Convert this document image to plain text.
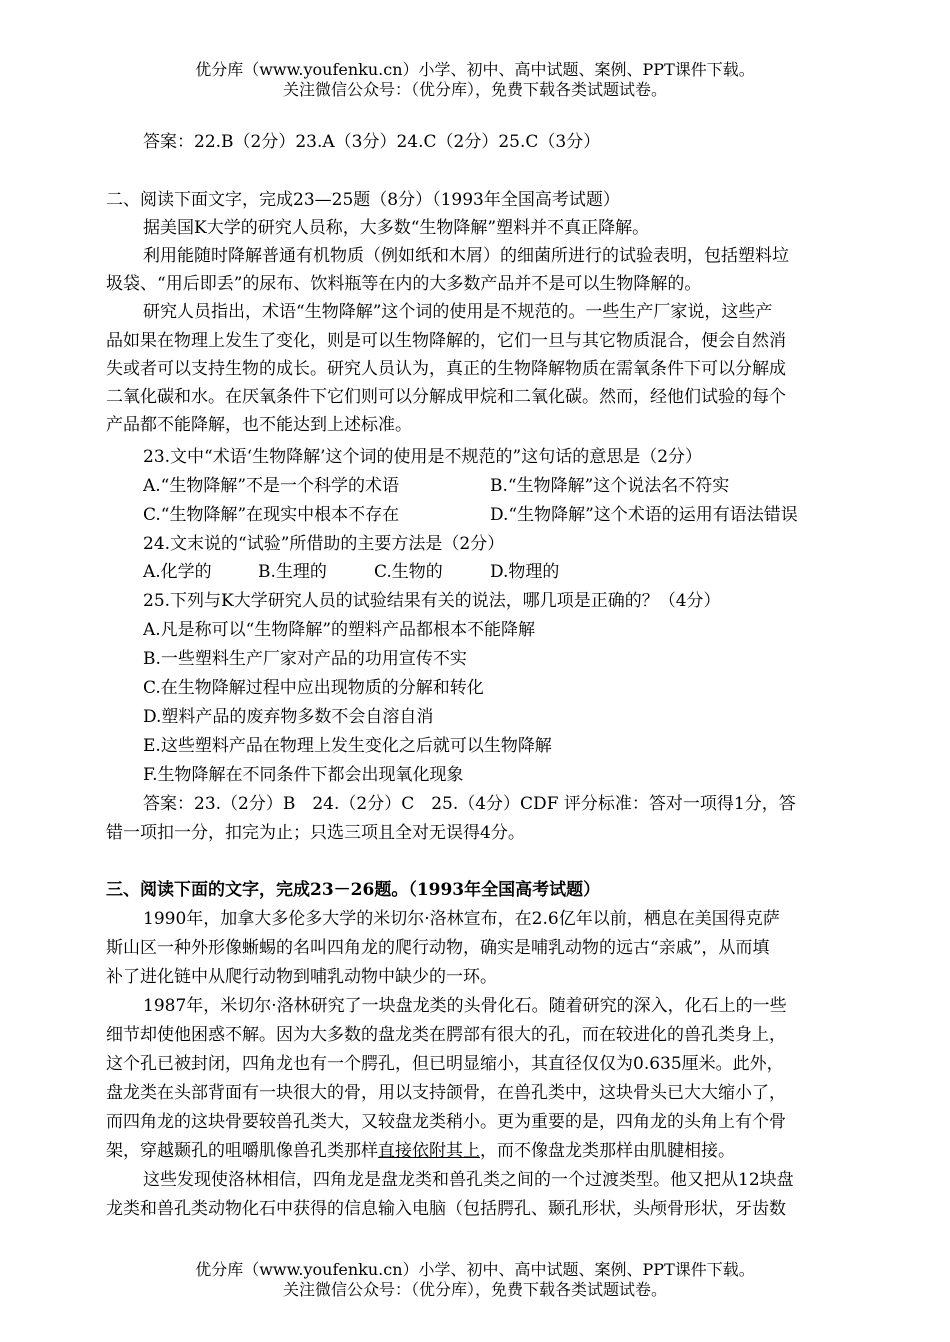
优分库（www.youfenku.cn）小学、初中、高中试题、案例、PPT课件下载。
关注微信公众号：（优分库），免费下载各类试题试卷。
答案：22.B（2分）23.A（3分）24.C（2分）25.C（3分）
二、阅读下面文字，完成23—25题（8分）（1993年全国高考试题）
据美国K大学的研究人员称，大多数“生物降解”塑料并不真正降解。
利用能随时降解普通有机物质（例如纸和木屑）的细菌所进行的试验表明，包括塑料垃
圾袋、“用后即丢”的尿布、饮料瓶等在内的大多数产品并不是可以生物降解的。
研究人员指出，术语“生物降解”这个词的使用是不规范的。一些生产厂家说，这些产
品如果在物理上发生了变化，则是可以生物降解的，它们一旦与其它物质混合，便会自然消
失或者可以支持生物的成长。研究人员认为，真正的生物降解物质在需氧条件下可以分解成
二氧化碳和水。在厌氧条件下它们则可以分解成甲烷和二氧化碳。然而，经他们试验的每个
产品都不能降解，也不能达到上述标准。
23.文中“术语‘生物降解’这个词的使用是不规范的”这句话的意思是（2分）
A.“生物降解”不是一个科学的术语	B.“生物降解”这个说法名不符实
C.“生物降解”在现实中根本不存在	D.“生物降解”这个术语的运用有语法错误
24.文末说的“试验”所借助的主要方法是（2分）
A.化学的	B.生理的	C.生物的	D.物理的
25.下列与K大学研究人员的试验结果有关的说法，哪几项是正确的？（4分）
A.凡是称可以“生物降解”的塑料产品都根本不能降解
B.一些塑料生产厂家对产品的功用宣传不实
C.在生物降解过程中应出现物质的分解和转化
D.塑料产品的废弃物多数不会自溶自消
E.这些塑料产品在物理上发生变化之后就可以生物降解
F.生物降解在不同条件下都会出现氧化现象
答案：23.（2分）B　24.（2分）C　25.（4分）CDF 评分标准：答对一项得1分，答
错一项扣一分，扣完为止；只选三项且全对无误得4分。
三、阅读下面的文字，完成23－26题。（1993年全国高考试题）
1990年，加拿大多伦多大学的米切尔·洛林宣布，在2.6亿年以前，栖息在美国得克萨
斯山区一种外形像蜥蜴的名叫四角龙的爬行动物，确实是哺乳动物的远古“亲戚”，从而填
补了进化链中从爬行动物到哺乳动物中缺少的一环。
1987年，米切尔·洛林研究了一块盘龙类的头骨化石。随着研究的深入，化石上的一些
细节却使他困惑不解。因为大多数的盘龙类在腭部有很大的孔，而在较进化的兽孔类身上，
这个孔已被封闭，四角龙也有一个腭孔，但已明显缩小，其直径仅仅为0.635厘米。此外，
盘龙类在头部背面有一块很大的骨，用以支持颌骨，在兽孔类中，这块骨头已大大缩小了，
而四角龙的这块骨要较兽孔类大，又较盘龙类稍小。更为重要的是，四角龙的头角上有个骨
架，穿越颞孔的咀嚼肌像兽孔类那样直接依附其上，而不像盘龙类那样由肌腱相接。
这些发现使洛林相信，四角龙是盘龙类和兽孔类之间的一个过渡类型。他又把从12块盘
龙类和兽孔类动物化石中获得的信息输入电脑（包括腭孔、颞孔形状，头颅骨形状，牙齿数
优分库（www.youfenku.cn）小学、初中、高中试题、案例、PPT课件下载。
关注微信公众号：（优分库），免费下载各类试题试卷。
